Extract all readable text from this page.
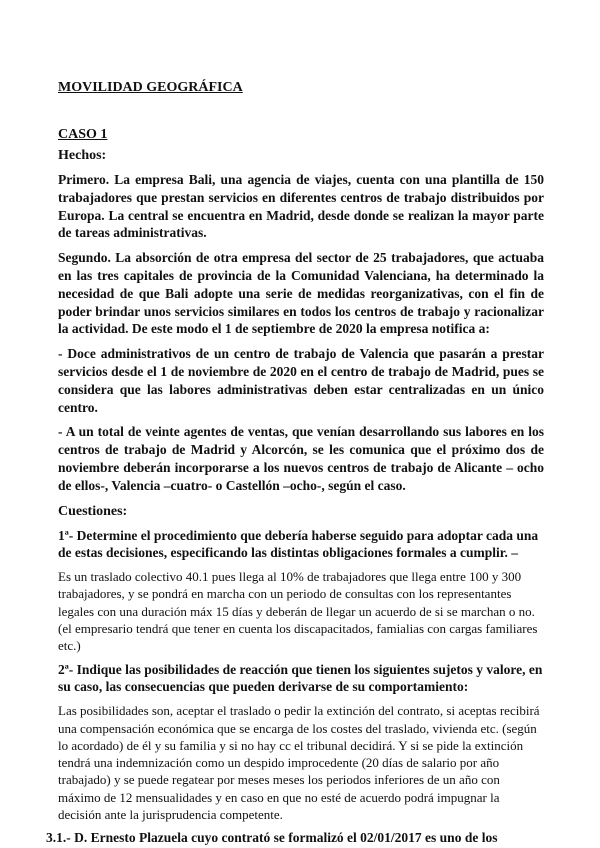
MOVILIDAD GEOGRÁFICA

CASO 1

Hechos:

Primero. La empresa Bali, una agencia de viajes, cuenta con una plantilla de 150 trabajadores que prestan servicios en diferentes centros de trabajo distribuidos por Europa. La central se encuentra en Madrid, desde donde se realizan la mayor parte de tareas administrativas.

Segundo. La absorción de otra empresa del sector de 25 trabajadores, que actuaba en las tres capitales de provincia de la Comunidad Valenciana, ha determinado la necesidad de que Bali adopte una serie de medidas reorganizativas, con el fin de poder brindar unos servicios similares en todos los centros de trabajo y racionalizar la actividad. De este modo el 1 de septiembre de 2020 la empresa notifica a:

- Doce administrativos de un centro de trabajo de Valencia que pasarán a prestar servicios desde el 1 de noviembre de 2020 en el centro de trabajo de Madrid, pues se considera que las labores administrativas deben estar centralizadas en un único centro.

- A un total de veinte agentes de ventas, que venían desarrollando sus labores en los centros de trabajo de Madrid y Alcorcón, se les comunica que el próximo dos de noviembre deberán incorporarse a los nuevos centros de trabajo de Alicante – ocho de ellos-, Valencia –cuatro- o Castellón –ocho-, según el caso.

Cuestiones:

1ª- Determine el procedimiento que debería haberse seguido para adoptar cada una de estas decisiones, especificando las distintas obligaciones formales a cumplir. –

Es un traslado colectivo 40.1 pues llega al 10% de trabajadores que llega entre 100 y 300 trabajadores, y se pondrá en marcha con un periodo de consultas con los representantes legales con una duración máx 15 días y deberán de llegar un acuerdo de si se marchan o no. (el empresario tendrá que tener en cuenta los discapacitados, famialias con cargas familiares etc.)

2ª- Indique las posibilidades de reacción que tienen los siguientes sujetos y valore, en su caso, las consecuencias que pueden derivarse de su comportamiento:

Las posibilidades son, aceptar el traslado o pedir la extinción del contrato, si aceptas recibirá una compensación económica que se encarga de los costes del traslado, vivienda etc. (según lo acordado) de él y su familia y si no hay cc el tribunal decidirá. Y si se pide la extinción tendrá una indemnización como un despido improcedente (20 días de salario por año trabajado) y se puede regatear por meses meses los periodos inferiores de un año con máximo de 12 mensualidades y en caso en que no esté de acuerdo podrá impugnar la decisión ante la jurisprudencia competente.

3.1.- D. Ernesto Plazuela cuyo contrató se formalizó el 02/01/2017 es uno de los
